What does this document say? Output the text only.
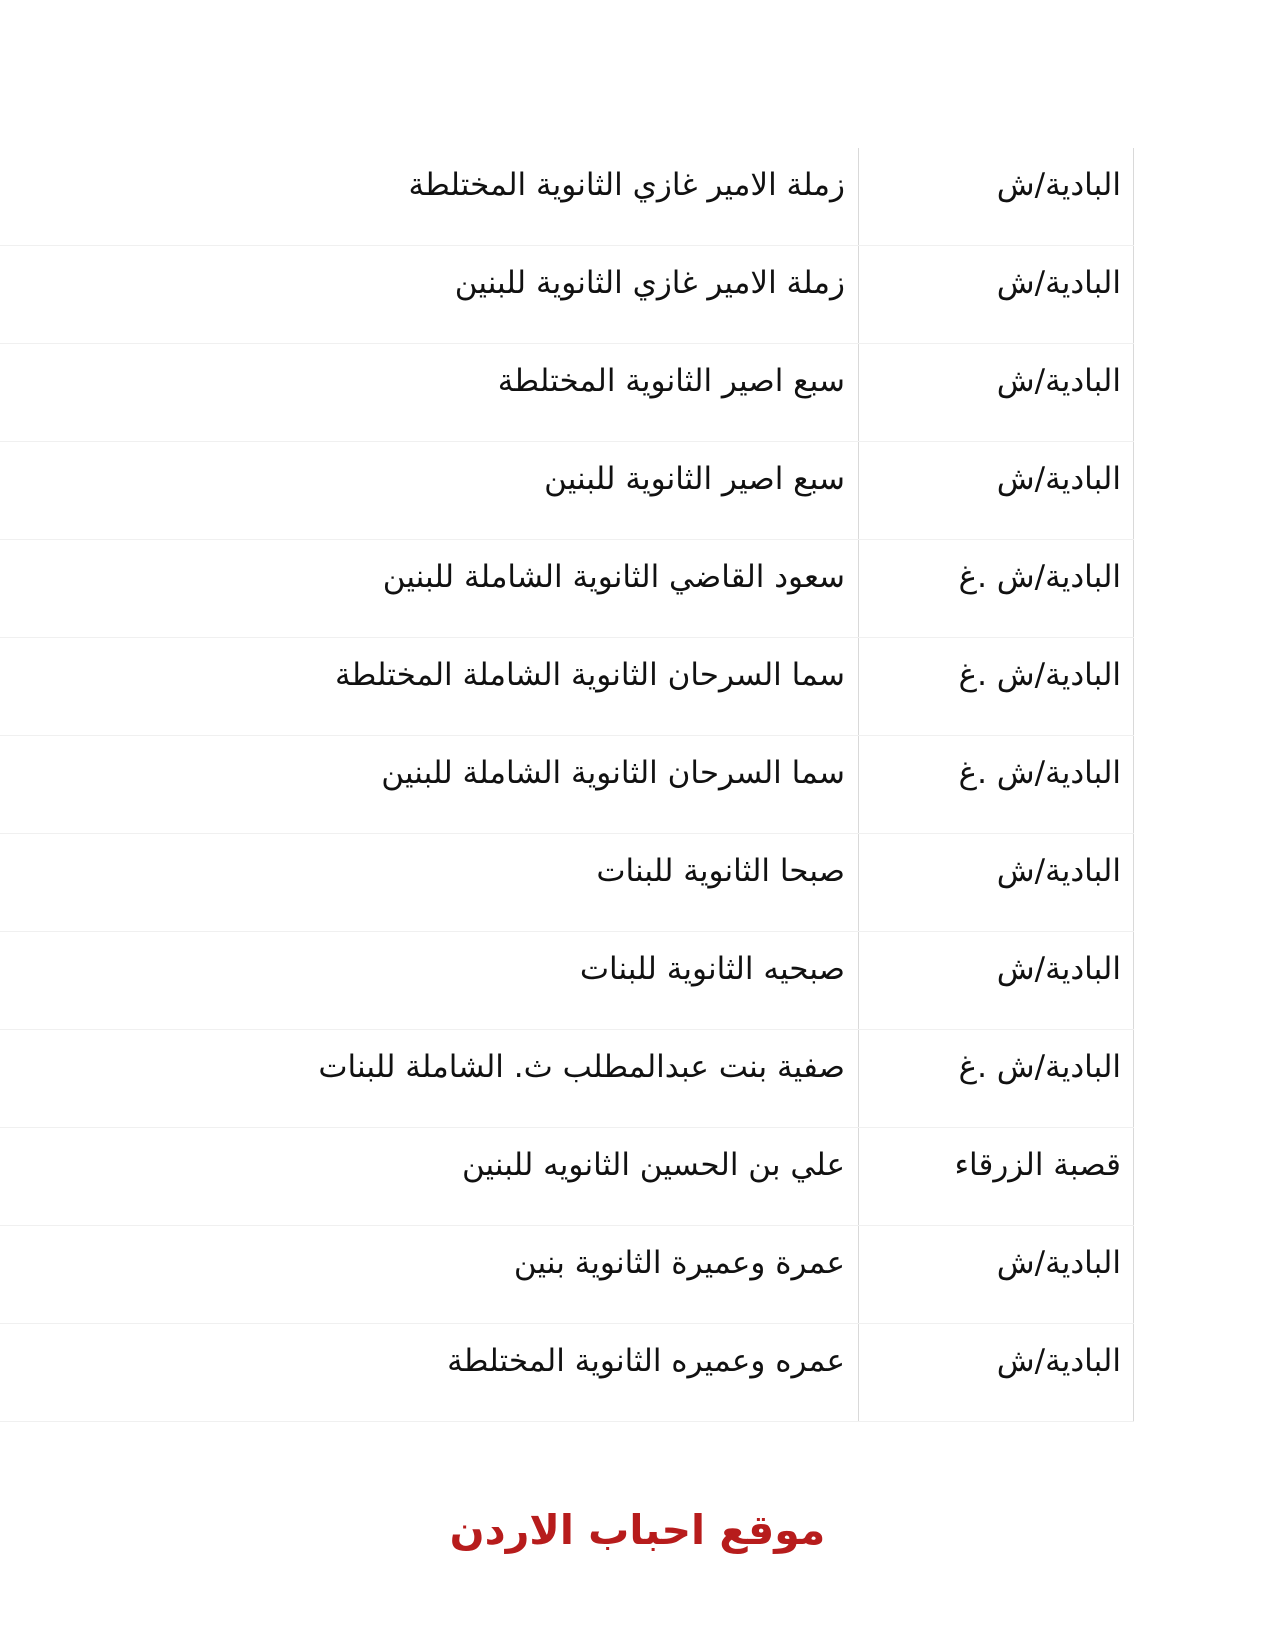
البادية/ش
زملة الامير غازي الثانوية المختلطة
البادية/ش
زملة الامير غازي الثانوية للبنين
البادية/ش
سبع اصير الثانوية المختلطة
البادية/ش
سبع اصير الثانوية للبنين
البادية/ش .غ
سعود القاضي الثانوية الشاملة للبنين
البادية/ش .غ
سما السرحان الثانوية الشاملة المختلطة
البادية/ش .غ
سما السرحان الثانوية الشاملة للبنين
البادية/ش
صبحا الثانوية للبنات
البادية/ش
صبحيه الثانوية للبنات
البادية/ش .غ
صفية بنت عبدالمطلب ث. الشاملة للبنات
قصبة الزرقاء
علي بن الحسين الثانويه للبنين
البادية/ش
عمرة وعميرة الثانوية بنين
البادية/ش
عمره وعميره الثانوية المختلطة
موقع احباب الاردن
